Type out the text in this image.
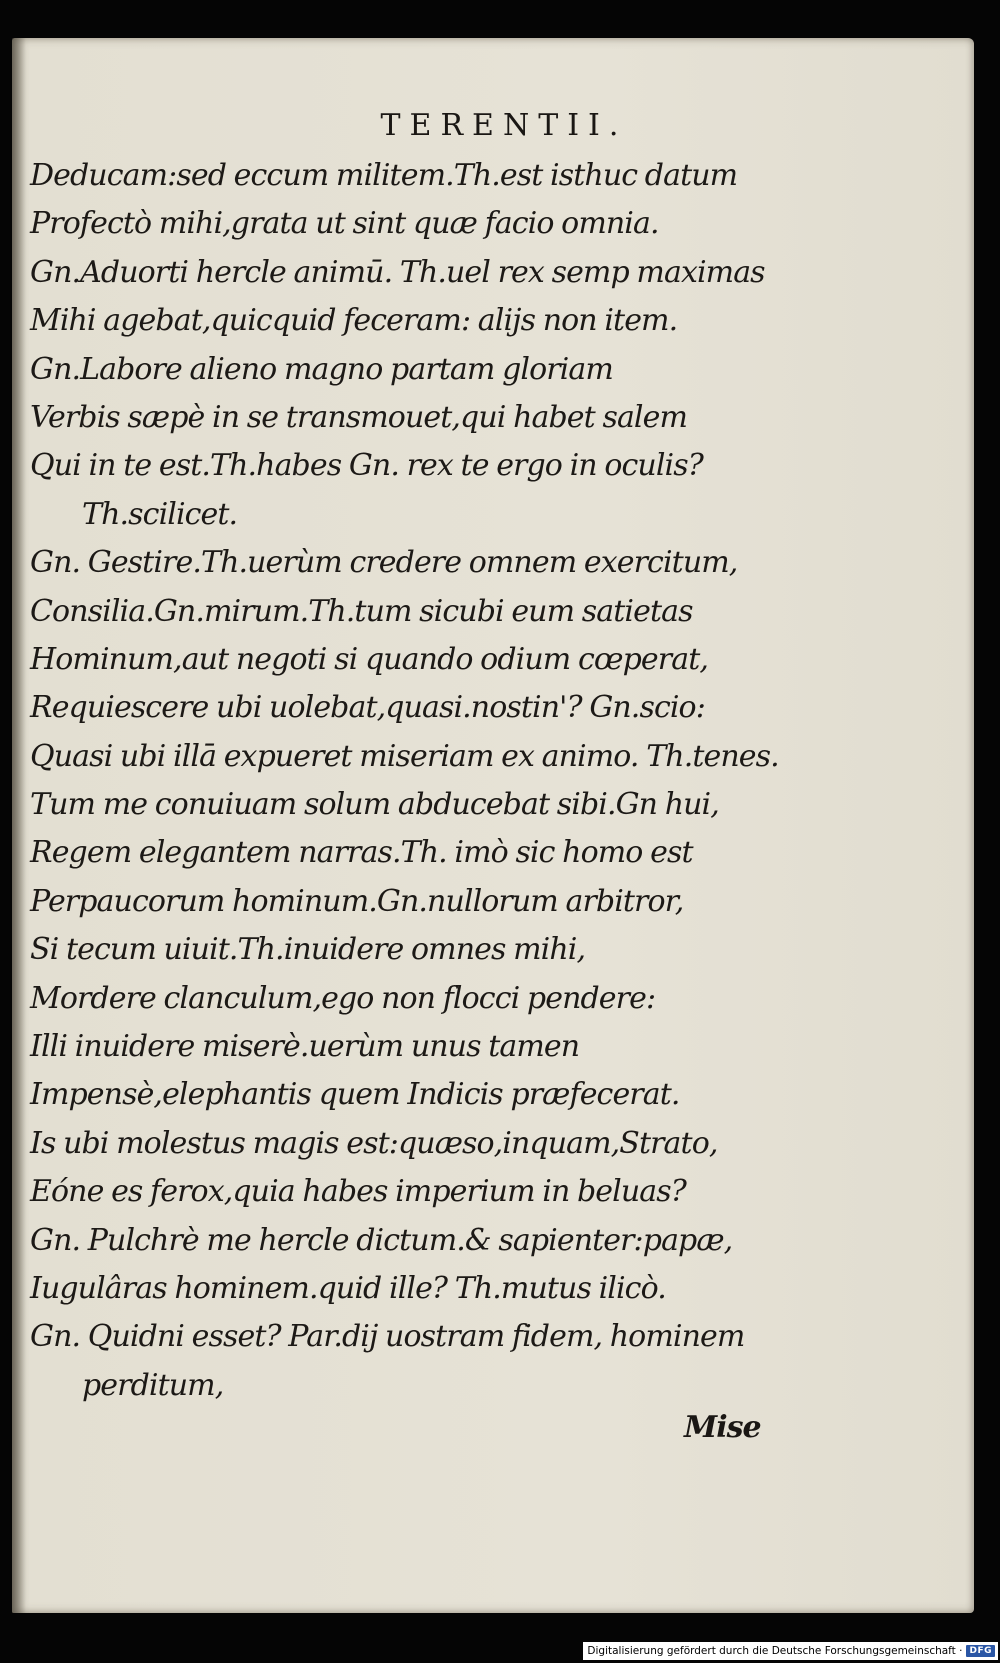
TERENTII.
Deducam:sed eccum militem.Th.est isthuc datum
Profectò mihi,grata ut sint quæ facio omnia.
Gn.Aduorti hercle animū. Th.uel rex semp maximas
Mihi agebat,quicquid feceram: alijs non item.
Gn.Labore alieno magno partam gloriam
Verbis sæpè in se transmouet,qui habet salem
Qui in te est.Th.habes Gn. rex te ergo in oculis?
Th.scilicet.
Gn. Gestire.Th.uerùm credere omnem exercitum,
Consilia.Gn.mirum.Th.tum sicubi eum satietas
Hominum,aut negoti si quando odium cœperat,
Requiescere ubi uolebat,quasi.nostin'? Gn.scio:
Quasi ubi illā expueret miseriam ex animo. Th.tenes.
Tum me conuiuam solum abducebat sibi.Gn hui,
Regem elegantem narras.Th. imò sic homo est
Perpaucorum hominum.Gn.nullorum arbitror,
Si tecum uiuit.Th.inuidere omnes mihi,
Mordere clanculum,ego non flocci pendere:
Illi inuidere miserè.uerùm unus tamen
Impensè,elephantis quem Indicis præfecerat.
Is ubi molestus magis est:quæso,inquam,Strato,
Eóne es ferox,quia habes imperium in beluas?
Gn. Pulchrè me hercle dictum.& sapienter:papæ,
Iugulâras hominem.quid ille? Th.mutus ilicò.
Gn. Quidni esset? Par.dij uostram fidem, hominem
perditum,
Mise
Digitalisierung gefördert durch die Deutsche Forschungsgemeinschaft · DFG
